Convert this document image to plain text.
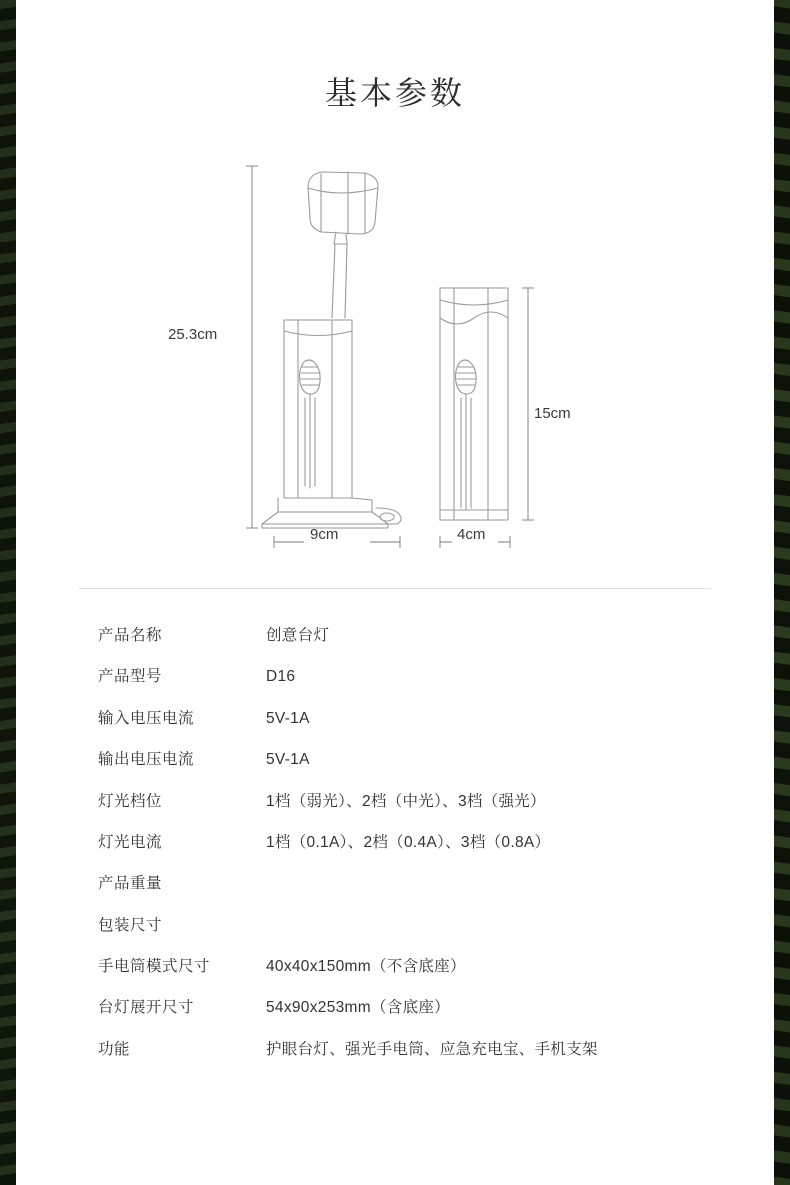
基本参数
25.3cm
15cm
9cm	4cm
产品名称	创意台灯
产品型号	D16
输入电压电流	5V-1A
输出电压电流	5V-1A
灯光档位	1档（弱光）、2档（中光）、3档（强光）
灯光电流	1档（0.1A）、2档（0.4A）、3档（0.8A）
产品重量	
包装尺寸	
手电筒模式尺寸	40x40x150mm（不含底座）
台灯展开尺寸	54x90x253mm（含底座）
功能	护眼台灯、强光手电筒、应急充电宝、手机支架
